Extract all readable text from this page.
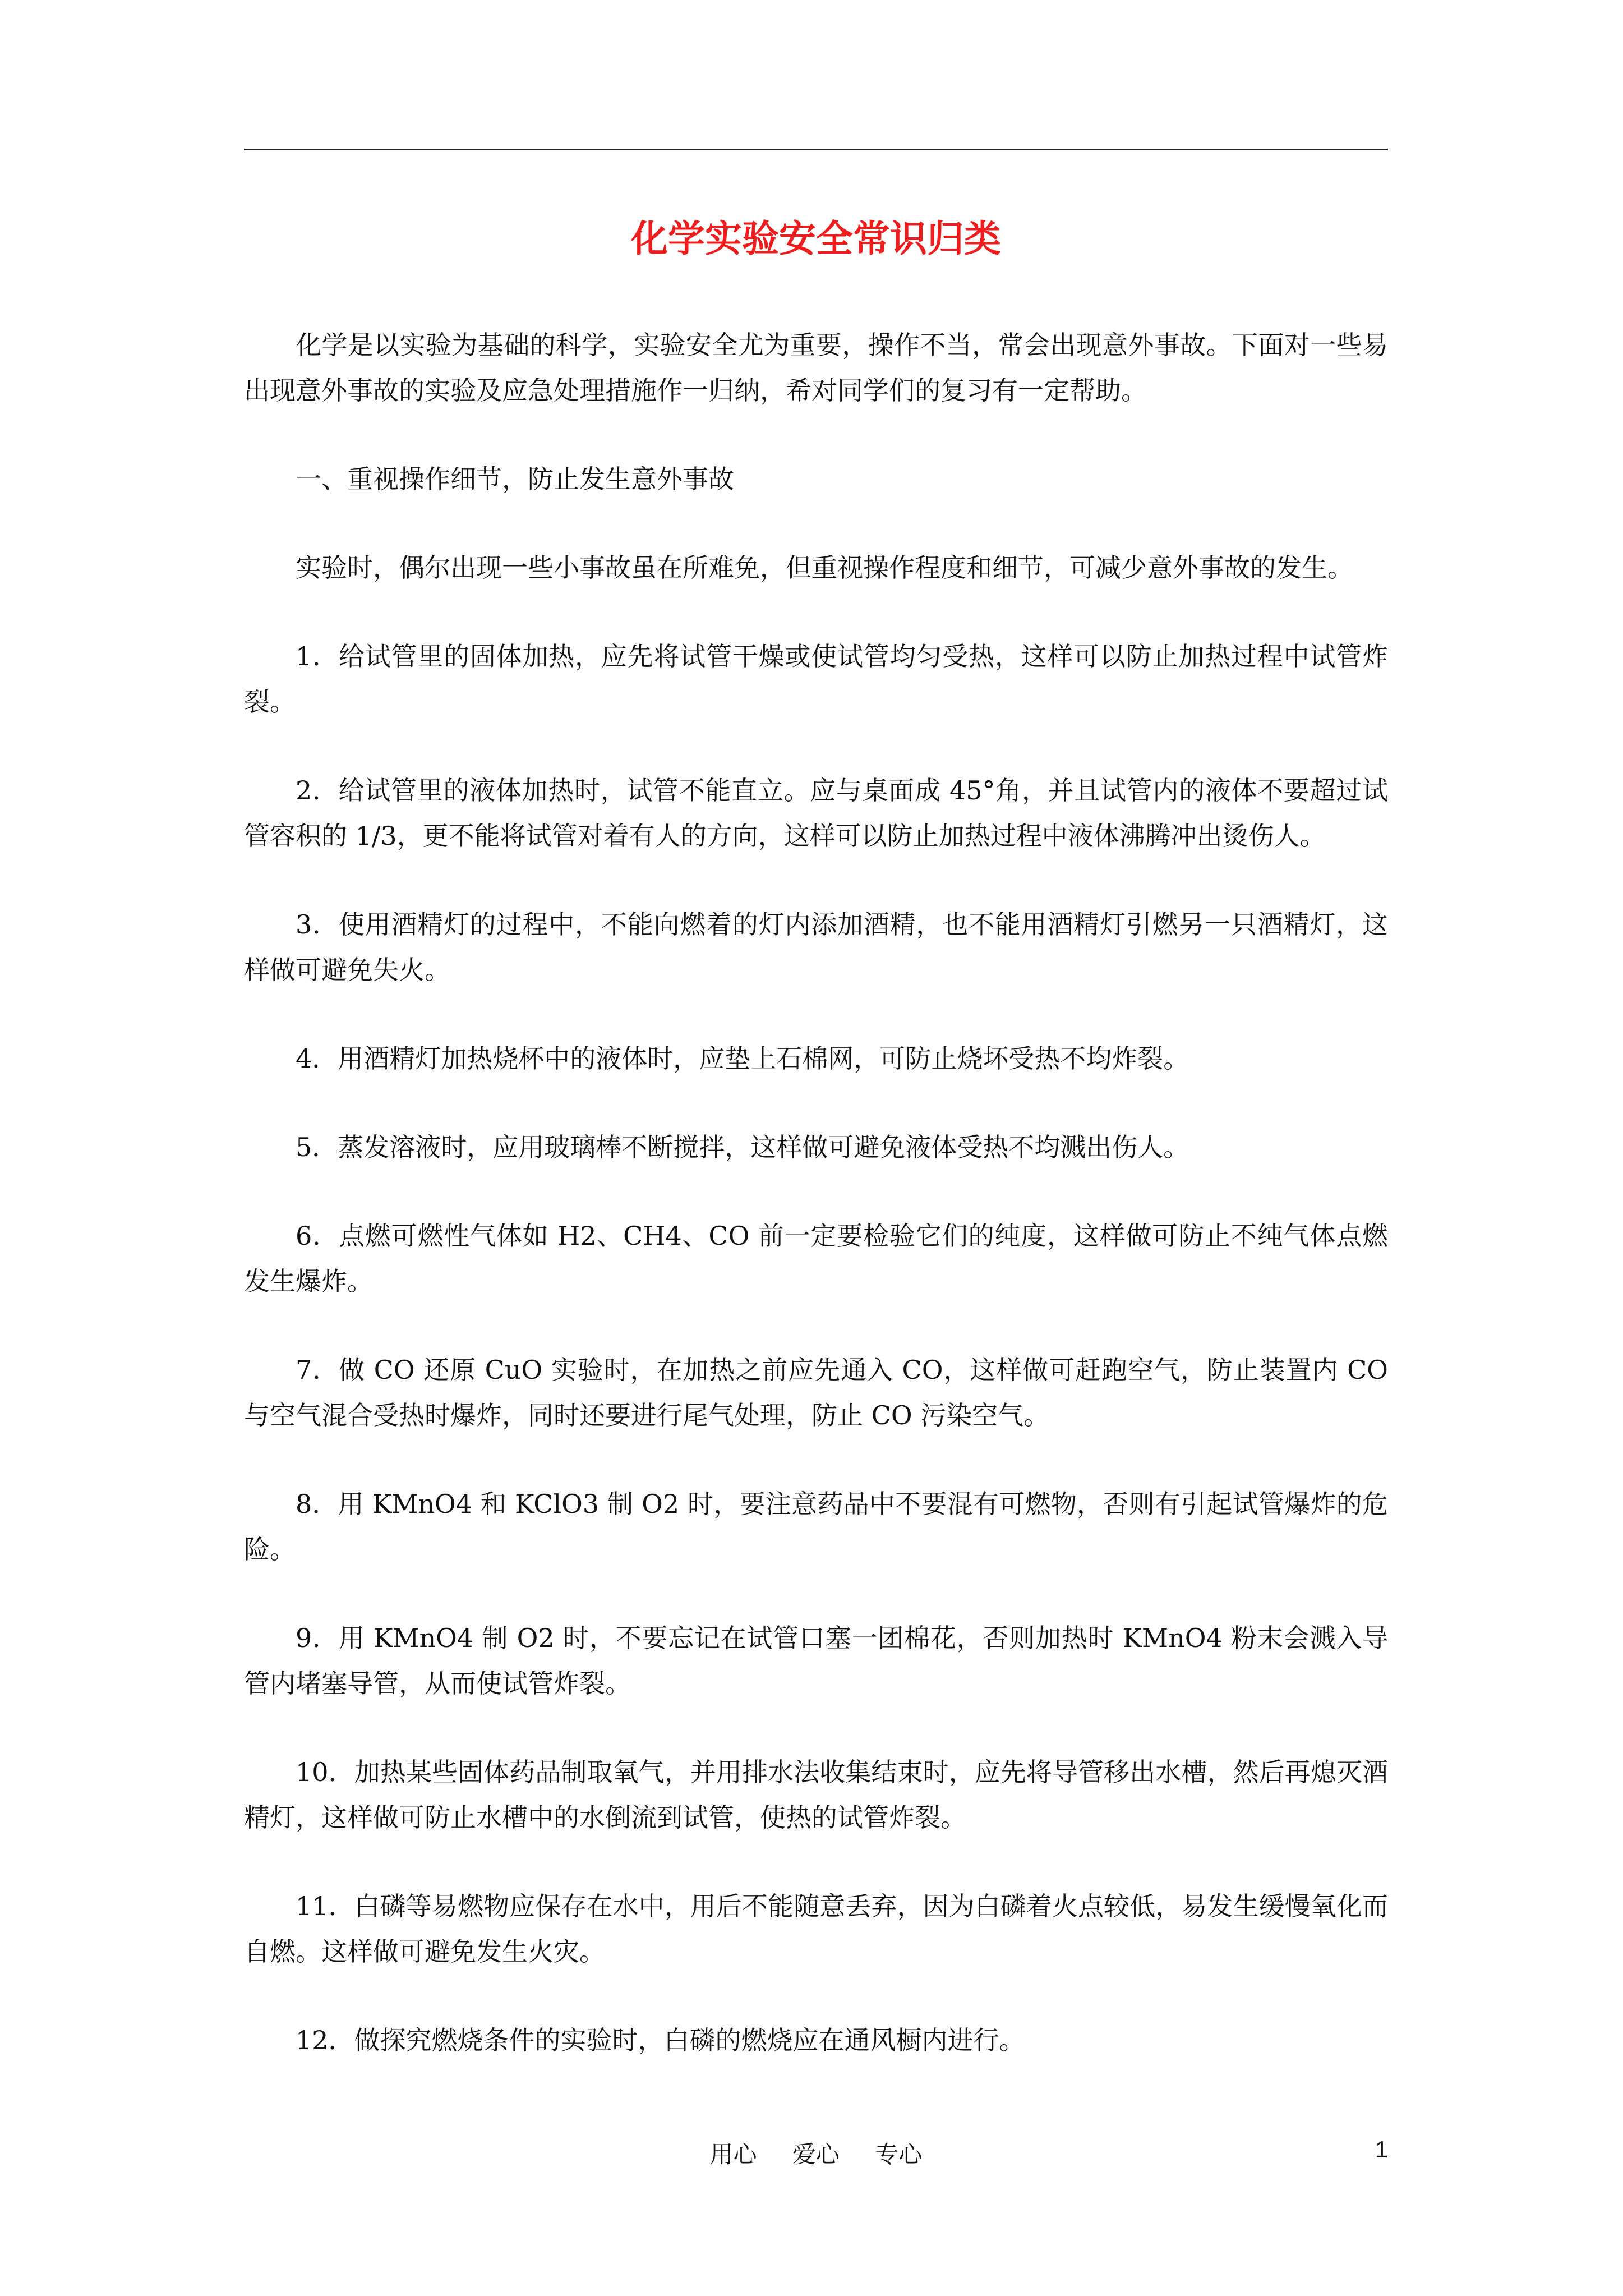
化学实验安全常识归类

化学是以实验为基础的科学，实验安全尤为重要，操作不当，常会出现意外事故。下面对一些易出现意外事故的实验及应急处理措施作一归纳，希对同学们的复习有一定帮助。

一、重视操作细节，防止发生意外事故

实验时，偶尔出现一些小事故虽在所难免，但重视操作程度和细节，可减少意外事故的发生。

1．给试管里的固体加热，应先将试管干燥或使试管均匀受热，这样可以防止加热过程中试管炸裂。

2．给试管里的液体加热时，试管不能直立。应与桌面成 45°角，并且试管内的液体不要超过试管容积的 1/3，更不能将试管对着有人的方向，这样可以防止加热过程中液体沸腾冲出烫伤人。

3．使用酒精灯的过程中，不能向燃着的灯内添加酒精，也不能用酒精灯引燃另一只酒精灯，这样做可避免失火。

4．用酒精灯加热烧杯中的液体时，应垫上石棉网，可防止烧坏受热不均炸裂。

5．蒸发溶液时，应用玻璃棒不断搅拌，这样做可避免液体受热不均溅出伤人。

6．点燃可燃性气体如 H2、CH4、CO 前一定要检验它们的纯度，这样做可防止不纯气体点燃发生爆炸。

7．做 CO 还原 CuO 实验时，在加热之前应先通入 CO，这样做可赶跑空气，防止装置内 CO 与空气混合受热时爆炸，同时还要进行尾气处理，防止 CO 污染空气。

8．用 KMnO4 和 KClO3 制 O2 时，要注意药品中不要混有可燃物，否则有引起试管爆炸的危险。

9．用 KMnO4 制 O2 时，不要忘记在试管口塞一团棉花，否则加热时 KMnO4 粉末会溅入导管内堵塞导管，从而使试管炸裂。

10．加热某些固体药品制取氧气，并用排水法收集结束时，应先将导管移出水槽，然后再熄灭酒精灯，这样做可防止水槽中的水倒流到试管，使热的试管炸裂。

11．白磷等易燃物应保存在水中，用后不能随意丢弃，因为白磷着火点较低，易发生缓慢氧化而自燃。这样做可避免发生火灾。

12．做探究燃烧条件的实验时，白磷的燃烧应在通风橱内进行。

用心 爱心 专心	1
